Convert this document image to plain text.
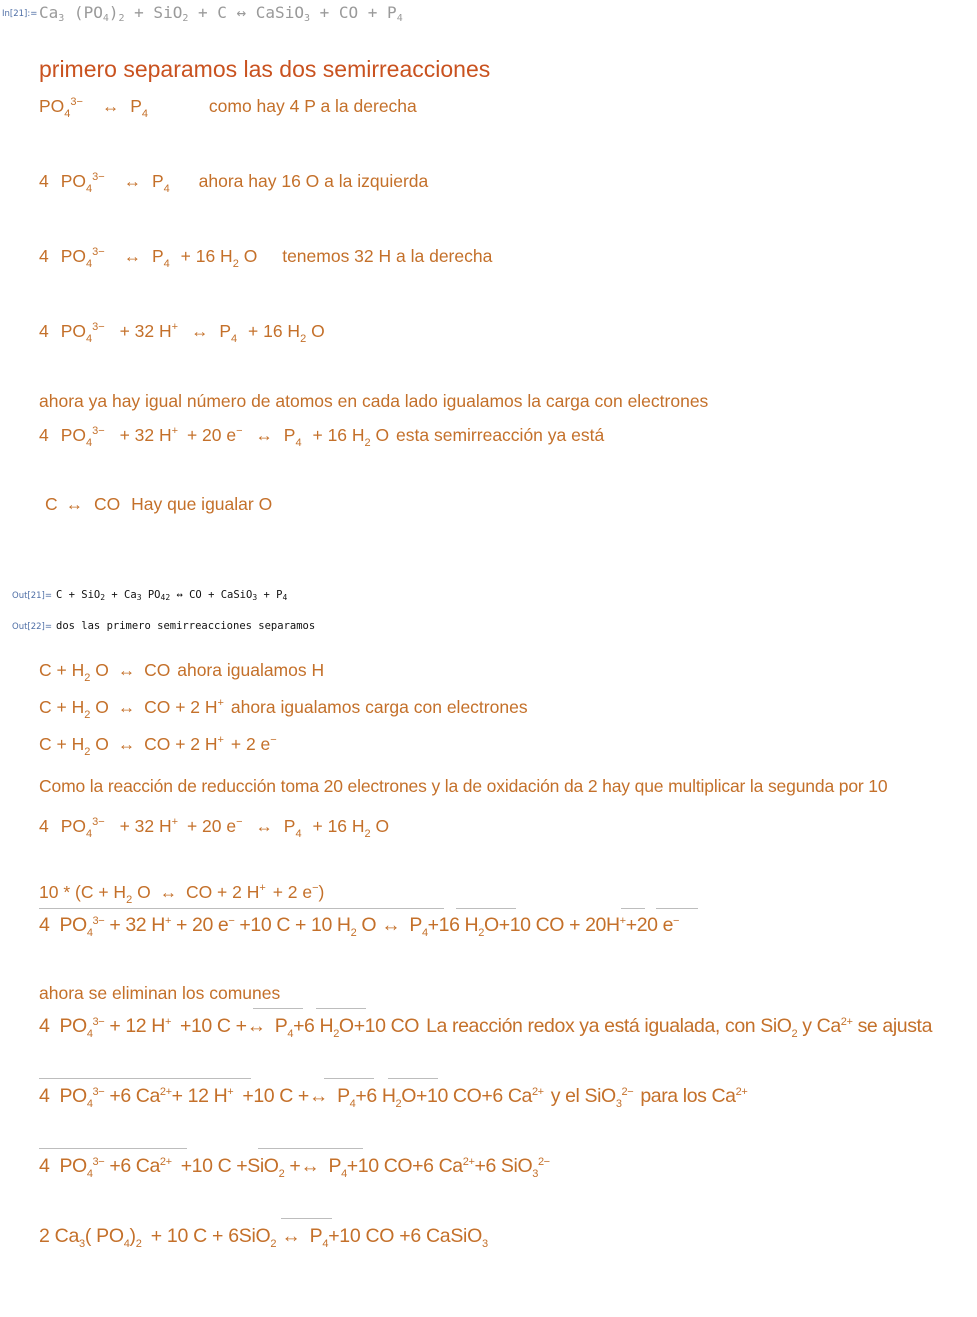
In[21]:= $Ca_3$ $(PO_4)_2 + SiO_2 + C$ ↔ CaSiO$_3$ + CO + $P_4$
primero separamos las dos semirreacciones
$PO_4^{3-}$ ↔ $P_4$	como hay 4 P a la derecha
4 $PO_4^{3-}$ ↔ $P_4$ ahora hay 16 O a la izquierda
4 $PO_4^{3-}$ ↔ $P_4 + 16$ $H_2$ O tenemos 32 H a la derecha
4 $PO_4^{3-} + 32$ H+ ↔ $P_4 + 16$ $H_2$ O
ahora ya hay igual número de atomos en cada lado igualamos la carga con electrones
4 $PO_4^{3-} + 32$ H+ + 20 e− ↔ $P_4 + 16$ $H_2$ O esta semirreacción ya está
C ↔ CO Hay que igualar O
$Out[21]= C + SiO_2 + Ca_3$ $PO_{42}$ ↔ CO + CaSiO$_3$ + $P_4$
Out[22]= dos las primero semirreacciones separamos
$C + H_2$ O ↔ CO ahora igualamos H
$C + H_2$ O ↔ CO + 2 H+ ahora igualamos carga con electrones
$C + H_2$ O ↔ CO + 2 H+ + 2 e−
Como la reacción de reducción toma 20 electrones y la de oxidación da 2 hay que multiplicar la segunda por 10
4 $PO_4^{3-} + 32$ H+ + 20 e− ↔ $P_4 + 16$ $H_2$ O
$10 * (C + H_2$ O ↔ CO + 2 H+ + 2 e−)
4 $PO_4^{3-} + 32$ H+ + 20 e− +10 C + 10 $H_2$ O ↔ $P_4+16$ $H_2O+10$ CO + 20H++20 e−
ahora se eliminan los comunes
4 $PO_4^{3-} + 12$ H+ +10 C +↔ $P_4+6$ $H_2O+10$ CO La reacción redox ya está igualada, con SiO$_2$ y $Ca^{2+}$ se ajusta
4 $PO_4^{3-} +6$ $Ca^{2+}+ 12$ H+ +10 C +↔ $P_4+6$ $H_2O+10$ CO+6 $Ca^{2+}$ y el SiO$_3^{2-}$ para los $Ca^{2+}$
4 $PO_4^{3-} +6$ $Ca^{2+} +10$ C +SiO$_2$ +↔ $P_4+10$ CO+6 $Ca^{2+}+6$ SiO$_3^{2-}$
2 $Ca_3$( $PO_4)_2 + 10$ C + 6SiO$_2$ ↔ $P_4+10$ CO +6 CaSiO$_3$
